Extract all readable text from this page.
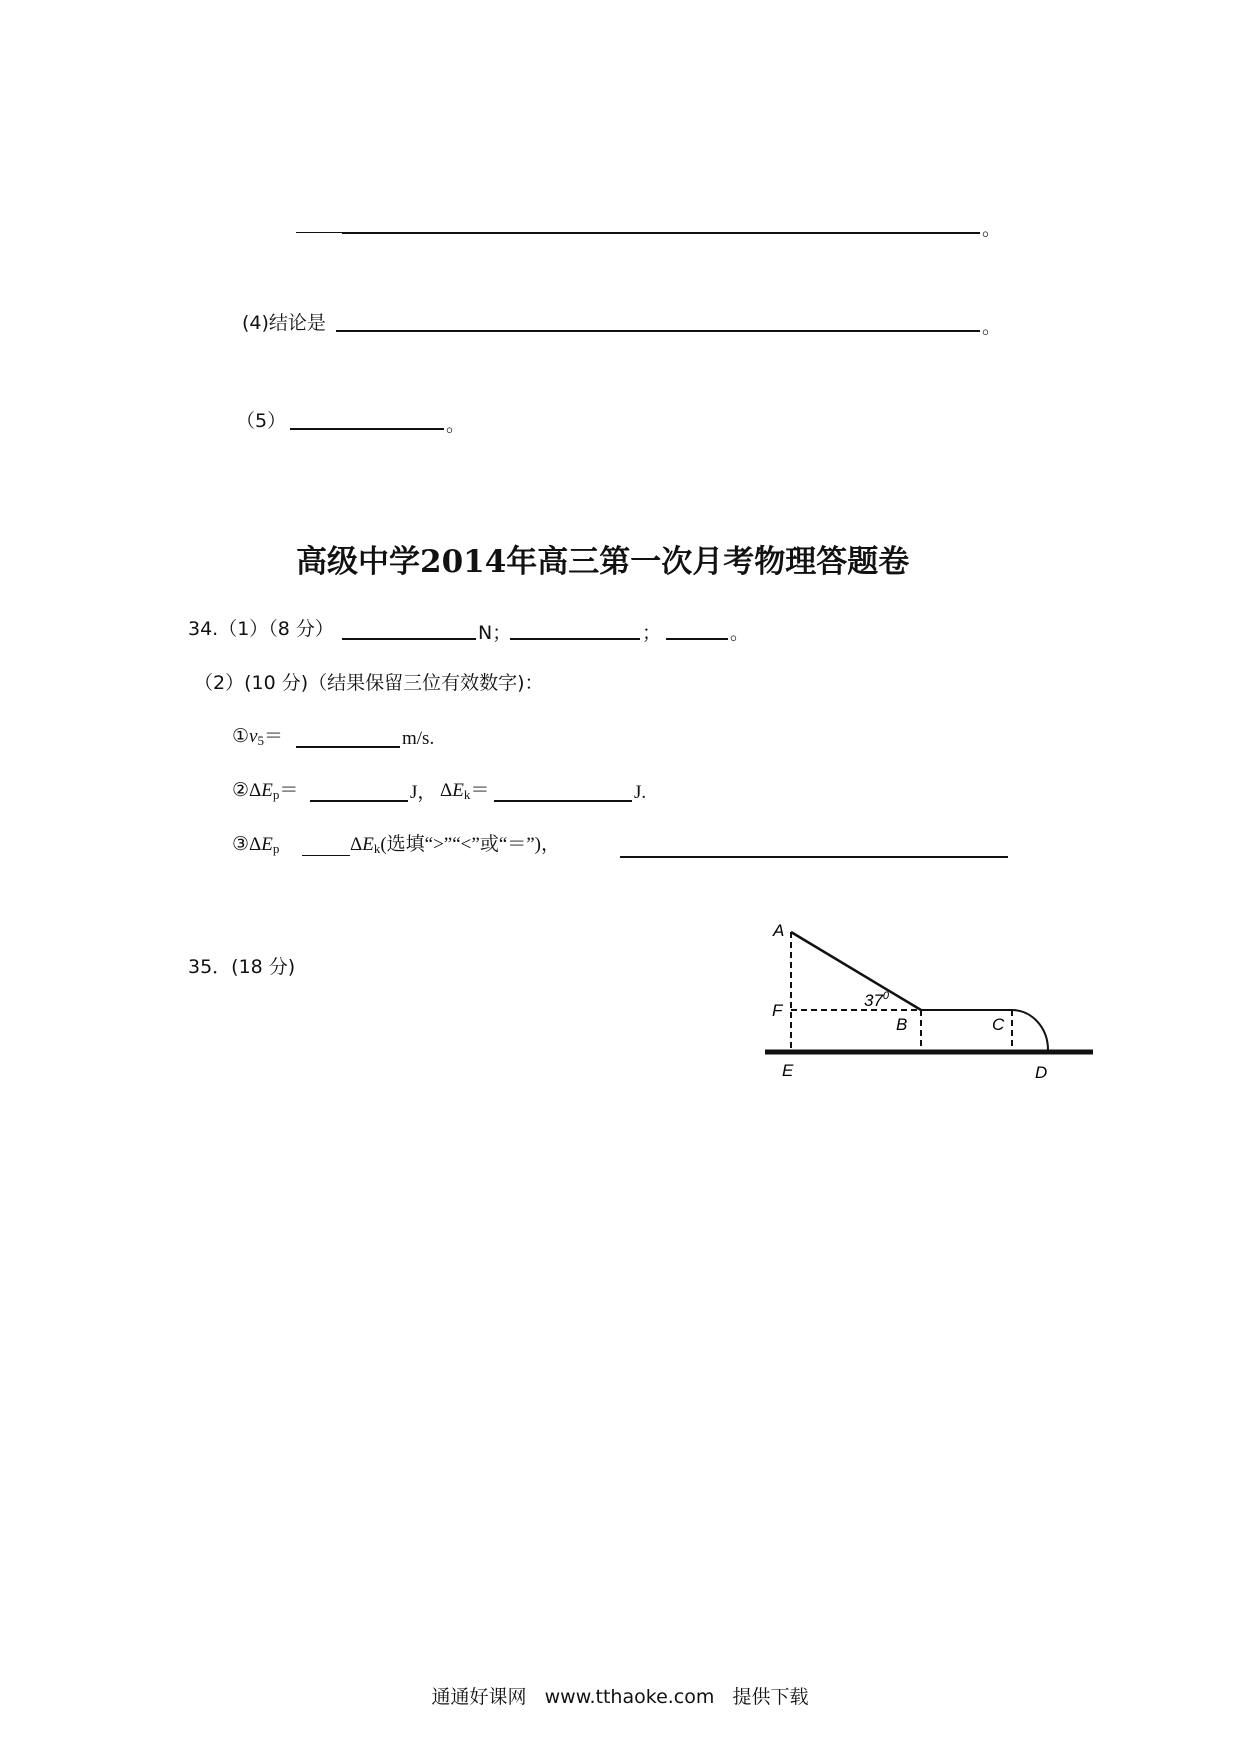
。
(4)结论是	。
（5）	。
高级中学2014年高三第一次月考物理答题卷
34.（1）（8 分）	N；	；	。
（2）(10 分)（结果保留三位有效数字)：
$①v_5=$	m/s.
$②\Delta E_p=$	J， $\Delta E_k=$	J.
$③\Delta E_p$	$\Delta E_k$(选填“>”“<”或“＝”)，
35．(18 分)
A
F
E
B	C
D
$37^0$
通通好课网   www.tthaoke.com   提供下载
